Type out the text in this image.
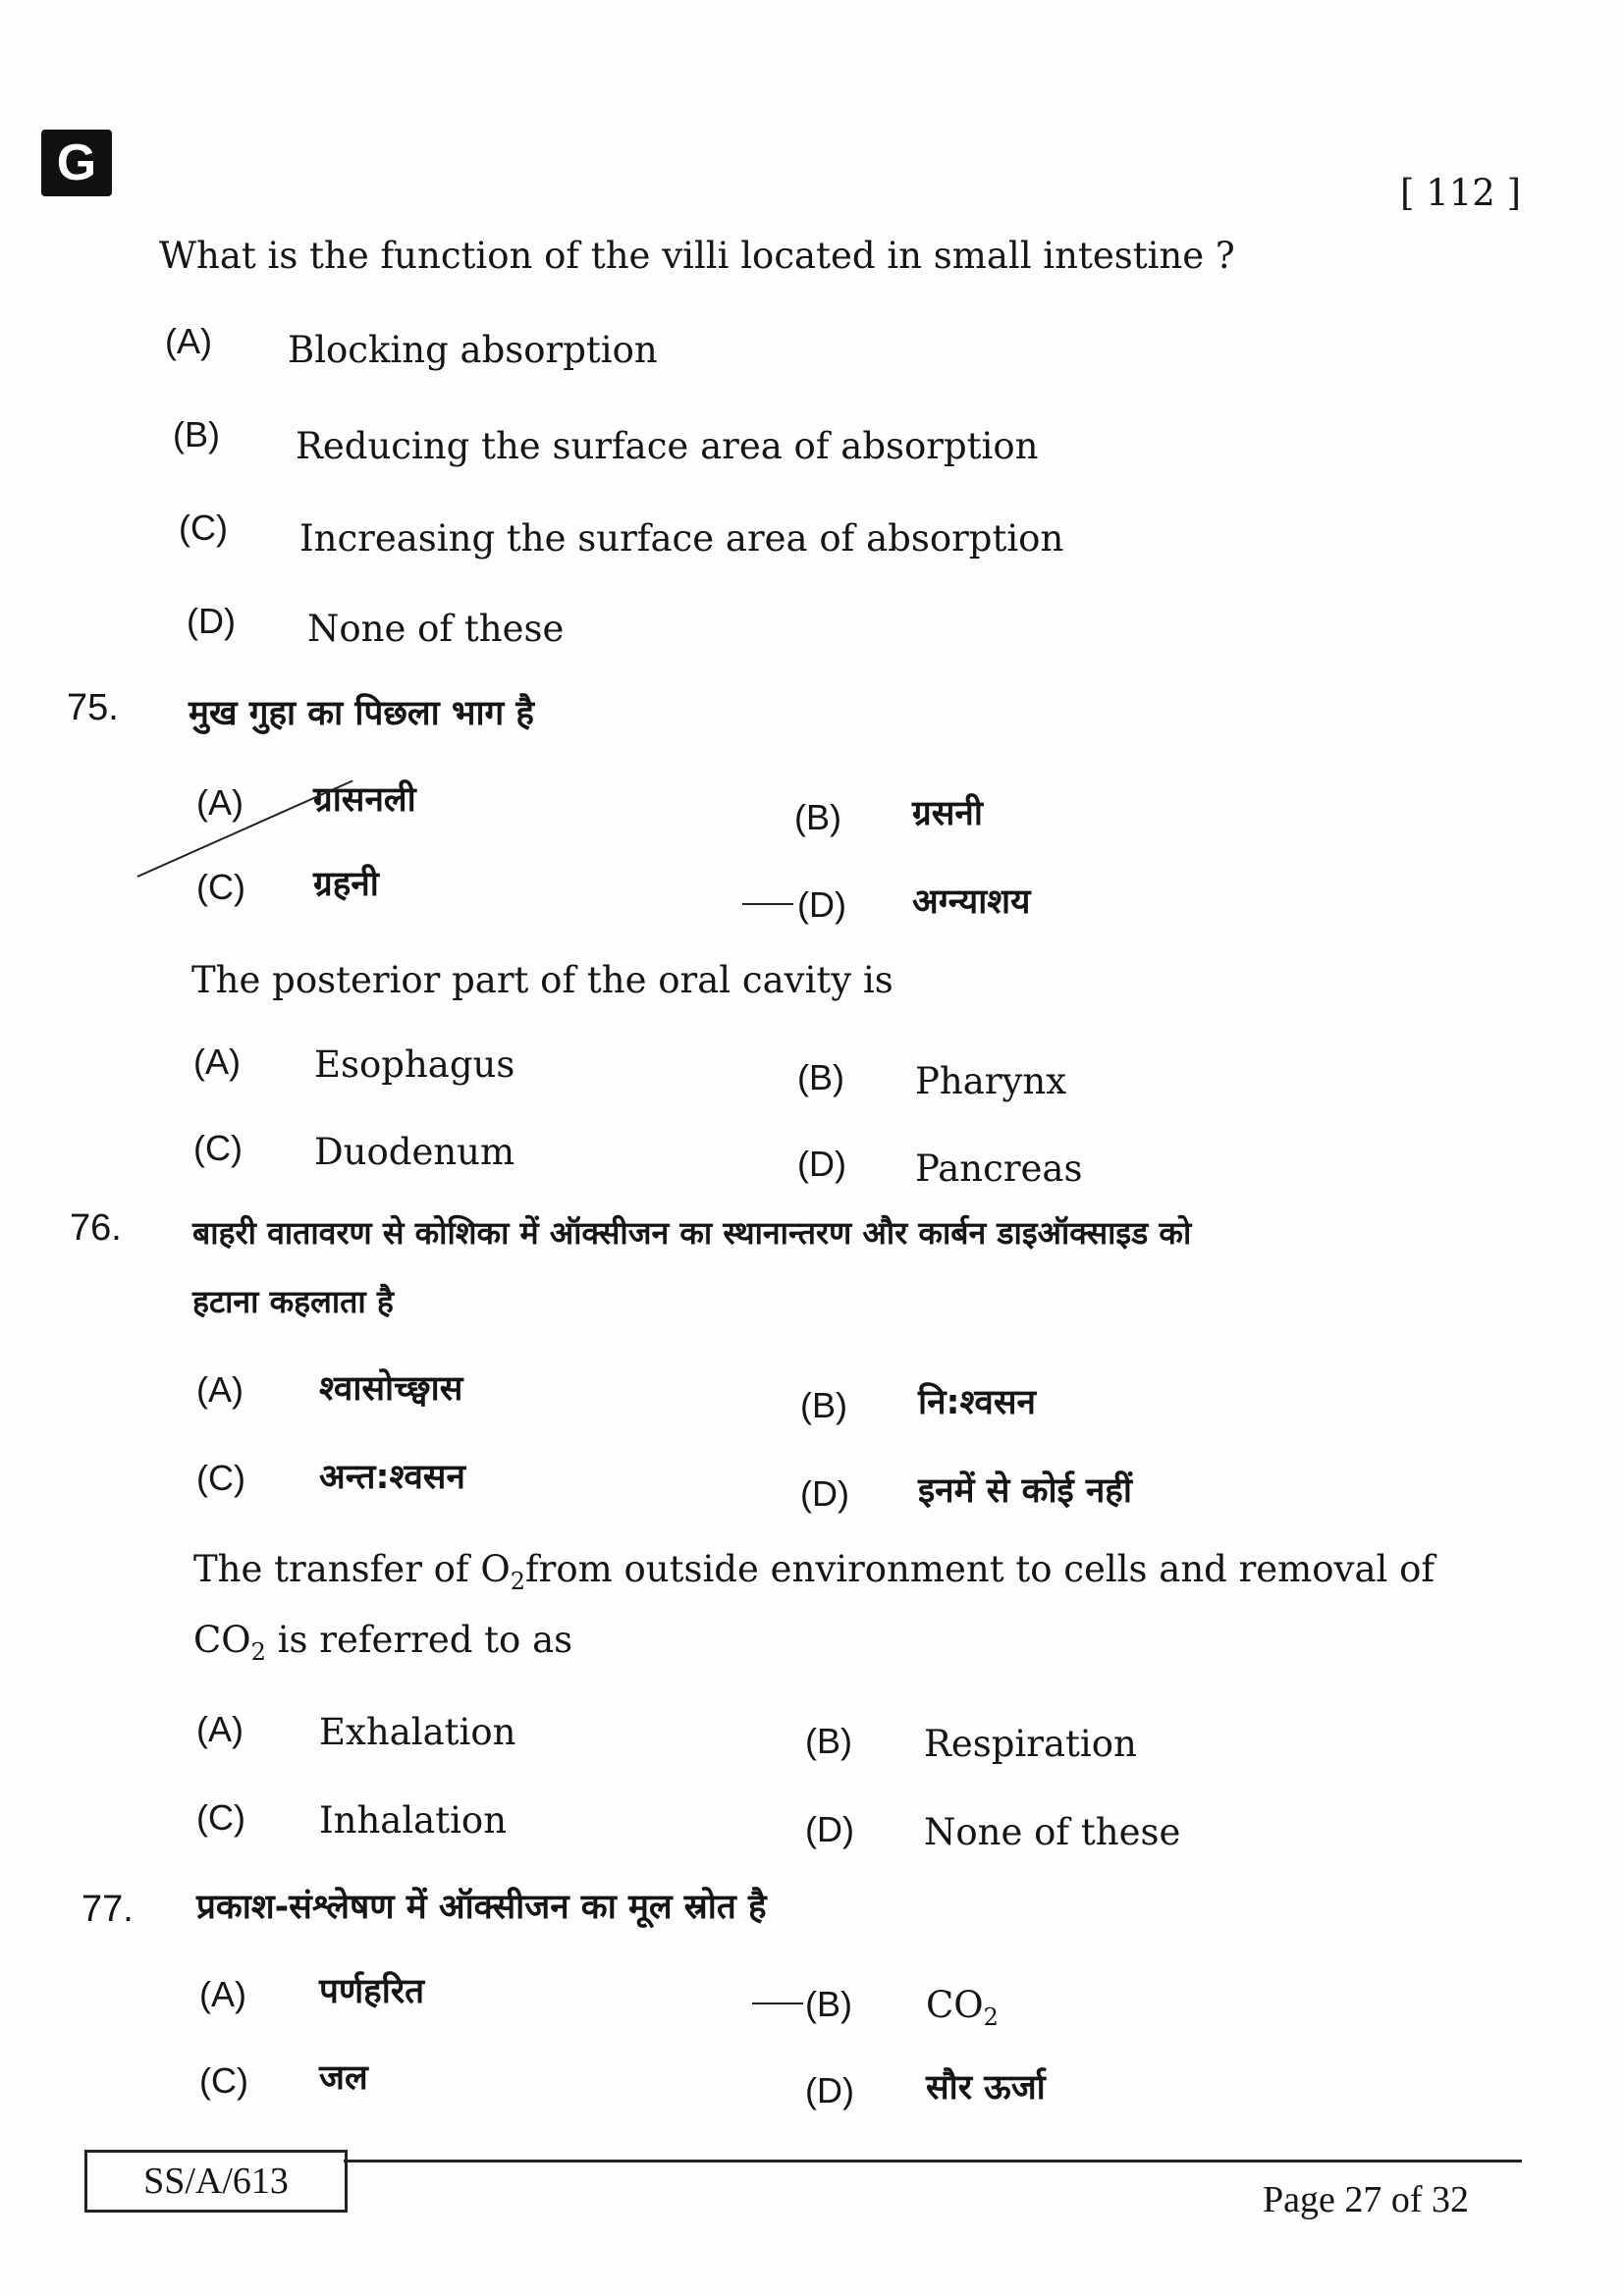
G
[ 112 ]
What is the function of the villi located in small intestine ?
(A) Blocking absorption
(B) Reducing the surface area of absorption
(C) Increasing the surface area of absorption
(D) None of these
75. मुख गुहा का पिछला भाग है
(A) ग्रासनली	(B) ग्रसनी
(C) ग्रहनी	(D) अग्न्याशय
The posterior part of the oral cavity is
(A) Esophagus	(B) Pharynx
(C) Duodenum	(D) Pancreas
76. बाहरी वातावरण से कोशिका में ऑक्सीजन का स्थानान्तरण और कार्बन डाइऑक्साइड को
हटाना कहलाता है
(A) श्वासोच्छ्वास	(B) नि:श्वसन
(C) अन्त:श्वसन	(D) इनमें से कोई नहीं
The transfer of $O_2from$ outside environment to cells and removal of
$CO_2$ is referred to as
(A) Exhalation	(B) Respiration
(C) Inhalation	(D) None of these
77. प्रकाश-संश्लेषण में ऑक्सीजन का मूल स्रोत है
(A) पर्णहरित	(B) $CO_2$
(C) जल	(D) सौर ऊर्जा
SS/A/613	Page 27 of 32
